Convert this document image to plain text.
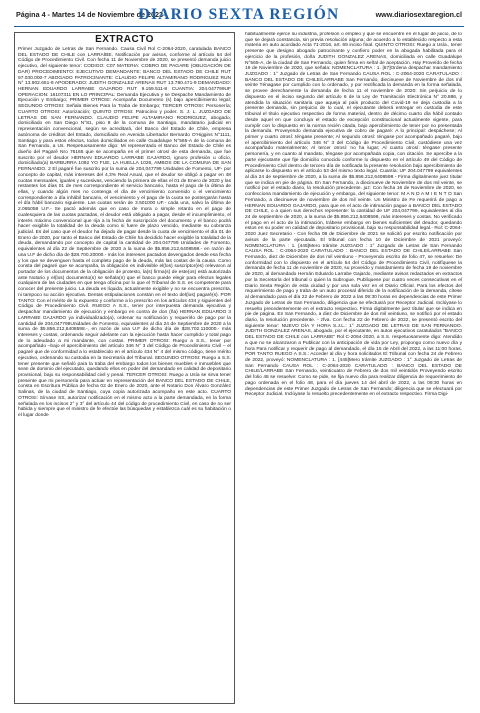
Página 4 - Martes 14 de Noviembre de 2023
DIARIO SEXTA REGIÓN	www.diariosextaregion.cl
EXTRACTO

Primer Juzgado de Letras de San Fernando. Causa Civil Rol C-2064-2020, caratulada BANCO DEL ESTADO DE CHILE con LARRAÍBE. Notificación por avisos, conforme al artículo 54 del Código de Procedimiento Civil. Con fecha 11 de Noviembre de 2020, se presentó demanda juicio ejecutivo, del siguiente tenor: CODIGO: C07 MATERIA: COBRO DE PAGARE (OBLIGACIÓN DE DAR) PROCEDIMIENTO: EJECUTIVO DEMANDANTE: BANCO DEL ESTADO DE CHILE RUT 97.030.000-7 ABOGADO PATROCINANTE: CLAUDIO FELIPE ALTAMIRANO RODRIGUEZ RUN N° 13.902.651-9 APODERADO: JUDITH GONZALEZ ARENAS RUT 13.780.471-9 DEMANDADO: HERNAN EDUARDO LARRABE GAJARDO RUT 9.159.511-8 CUANTIA: 204.047799UF OPERACION: 16107311 EN LO PRINCIPAL: Demanda Ejecutiva y se Despache Mandamiento de Ejecución y Embargo; PRIMER OTROSI: Acompaña Documento (s) bajo apercibimiento legal; SEGUNDO OTROSI: Señala Bienes Para la Traba de Embargo; TERCER OTROSI: Personería; CUARTO OTROSI: Autorización; QUINTO OTROSI: Patrocinio y poder. S. J. L. JUZGADO DE LETRAS DE SAN FERNANDO. CLAUDIO FELIPE ALTAMIRANO RODRIGUEZ, abogado, domiciliado en San Diego N°81, piso 8 de la comuna de Santiago, mandatario judicial en representación convencional, según se acreditará, del Banco del Estado de Chile, empresa autónoma de créditos del Estado, domiciliado en Avenida Libertador Bernardo O'Higgins N°1111, Santiago y para estos efectos, todos domiciliados en calle Guadalupe N°565-A de la comuna de San Fernando, a Us. Respetuosamente digo: Mi representado el Banco del Estado de Chile es dueño del Pagaré Nro 76165 que se acompaña en el primer otrosí de esta demanda, que fue suscrito por el deudor HERNAN EDUARDO LARRABE GAJARDO, ignoro profesión u oficio, domiciliado(a) BARBURRA 1092 YO FUE, LA HUELLA 1026, AMBOS DE LA COMUNA DE SAN FERNANDO. 2 El pagaré fue suscrito por la suma de 204,047799 Unidades de Fomento, UF- por concepto de capital, más intereses del 4,3% Real Anual, que el deudor se obligó a pagar en 48 cuotas mensuales, iguales y sucesivas, venciendo la primera de ellas el 01 de Enero de 2020 y las restantes los días 01 de mes correspondiente el servicio bancario, hasta el pago de la última de ellas, y cuando algún mes no contenga el día de vencimiento convenido o el vencimiento correspondiente a día inhábil bancario, el vencimiento y el pago de la cuota se postergarán hasta el día hábil bancario siguiente. Las cuotas serán de 3.501000 UF.- cada una, salvo la última de 2.065058 U.F.- Se pactó además que en caso de mora o simple retardo en el pago de cualesquiera de las cuotas pactadas, el deudor está obligado a pagar, desde el incumplimiento, el interés máximo convencional que rija a la fecha de suscripción del documento y el banco podrá hacer exigible la totalidad de la deuda como si fuere de plazo vencido, mediante su cobranza judicial. Es del caso que el deudor ha dejado de pagar desde la cuota de vencimiento el día 01 de Enero de 2020, por tanto el Banco del Estado de Chile ha decidido hacer exigible la totalidad de la deuda, demandando por concepto de capital la cantidad de 204.047799 Unidades de Fomento, equivalentes al día 22 de Septiembre de 2020 a la suma de $5.856.212,6408598.- en razón de una U.F de dicho día de $28.700.20000.- más los intereses pactados devengados desde esa fecha y los que se devenguen hasta el completo pago de la deuda, más las costas de la causa. Como consta del pagaré que se acompaña, la obligación es indivisible el(los) suscriptor(es) relevaron al portador de los documentos de la obligación de protesto, la(s) firma(s) de este(os) está autorizada ante Notario y el(los) documento(s) se señala(n) que el banco puede elegir para efectos legales cualquiera de las ciudades en que tenga oficina por lo que el Tribunal de S.S. es competente para conocer del presente juicio. La deuda es líquida, actualmente exigible y no se encuentra prescrita, ni tampoco su acción ejecutiva. Dentas estipulaciones constan en el texto del(los) pagaré(s). POR TANTO: Con el mérito de lo expuesto y conforme a lo prescrito en los artículos 434 y siguientes del Código de Procedimiento Civil. RUEGO A S.S., tener por interpuesta demanda ejecutiva y despachar mandamiento de ejecución y embargo en contra de don (ña) HERNAN EDUARDO 3 LARRABE GAJARDO ya individualizado(a), ordenar su notificación y requerirlo de pago por la cantidad de 204,047799Unidades de Fomento, equivalentes al día 24 de Septiembre de 2020 a la suma de $5.856.212,6408598.-, en razón de una U.F de dicho día de $28.702.110000.- más intereses y costas, ordenando seguir adelante con la ejecución hasta hacer cumplido y total pago de lo adeudado a mi mandante, con costas. PRIMER OTROSI: Ruego a S.S., tener por acompañado –bajo el apercibimiento del artículo 346 N° 3 del Código de Procedimiento Civil – el pagaré que de conformidad a lo establecido en el artículo 434 N° 4 del mismo código, tiene mérito ejecutivo, ordenando su custodia en la Secretaría del Tribunal. SEGUNDO OTROSI: Ruego a S.S. tener presente que señaló para la traba del embargo todos los bienes muebles e inmuebles que sean de dominio del ejecutado, quedando ellos en poder del demandado en calidad de depositario provisional, bajo su responsabilidad civil y penal. TERCER OTROSI: Ruego a Usía se sirva tener presente que mi personería para actuar en representación del BANCO DEL ESTADO DE CHILE, consta en Escritura Pública de fecha 02 de Enero de 2020, ante el Notario Don Álvaro González Salinas, de la ciudad de Santiago, cuya copia autorizada acompaño en este acto. CUARTO OTROSI: Sírvase SS, autorizar notificación en el mismo acto a la parte demandada, en la forma señalada en los incisos 2° y 3° del artículo 44 del código de procedimiento Civil, en caso de no ser habida y siempre que el ministro de fe efectúe las búsquedas y establezca cuál es su habitación o el lugar donde

habitualmente ejerce su industria, profesión o empleo y que se encuentre en el lugar de juicio, de lo que se dejará constancia, sin previa resolución alguna; de acuerdo a lo establecido respecto a esta materia en auto acordado Acta 71-2016, art. 69 inciso final. QUINTO OTROSI: Ruego a Usía., tener presente que designo abogado patrocinante y confiero poder en la abogada habilitada para el ejercicio de la profesión, doña JUDITH GONZALEZ ARENAS, domiciliada en calle Guadalupe N°565-A, de la ciudad de San Fernando, quien firma en señal de aceptación. Hay Proveído de fecha 19 de Noviembre de 2020, que señala: NOMENCLATURA : 1. [67]Ordena despachar mandamiento JUZGADO : 1° Juzgado de Letras de San Fernando CAUSA ROL : C-2064-2020 CARATULADO : BANCO DEL ESTADO DE CHILE/LARRABE San Fernando, diecinueve de Noviembre de dos mil veinte Ténagase por cumplido con lo ordenado, y por rectificada la demanda en la forma señalada, se provee derechamente la demanda de fecha 11 el noviembre de 2020: Sin perjuicio de lo dispuesto en el inciso segundo del artículo 6 de la Ley de Tramitación Electrónica N° 20.886, y atendida la situación sanitaria que aqueja al país producto del Covid-19 se deja custodia a la presente demanda, sin perjuicio de lo cual, el ejecutante deberá entregar en custodia de este tribunal el título ejecutivo respectivo de forma material, dentro de décimo cuarto día hábil contado desde aquel en que concluya el estado de excepción constitucional actualmente vigente, para cumplir con lo dispuesto en la norma recién citada, bajo apercibimiento de tener por no presentada la demanda. Proveyendo demanda ejecutiva de cobro de pagaré: A lo principal: despáchese; Al primer y cuarto otrosí: téngase presente; Al segundo otrosí: téngase por acompañado pagaré, bajo el apercibimiento del artículo 346 N° 3 del Código de Procedimiento Civil, custódiese una vez acompañado materialmente; Al tercer otrosí: no ha lugar; Al cuarto otrosí: téngase presente personería, y en cuanto al mandato, téngase por acompañada copia, con citación. Se apercibe a la parte ejecutante que fije domicilio conocido conforme lo dispuesto en el artículo 49 del Código de Procedimiento Civil dentro de tercero día de notificada la presente resolución bajo apercibimiento de aplicarse lo dispuesto en el artículo 53 del mismo texto legal. Cuantía: UF 204.047799 equivalentes al día 24 de septiembre de 2020, a la suma de $5.856.212,6408598 - Firma digitalmente juez titular que se indica en pie de página. En San Fernando, a diecinueve de Noviembre de dos mil veinte, se notificó por el estado diario, la resolución precedente. juz: Con fecha 16 de Noviembre de 2020, se confecciona mandamiento de ejecución y embargo, del siguiente tenor: M A N D A M I E N T O San Fernando, a diecinueve de noviembre de dos mil veinte. Un Ministro de Fe requerirá de pago a HERNAN EDUARDO GAJARDO, para que en el acto de intimación pague a BANCO DEL ESTADO DE CHILE, o a quien sus derechos represente: la cantidad de UF 204,047799, equivalentes al día 24 de septiembre de 2020, a la suma de $5.856.212,6408598, más intereses y costas. No verificado el pago en el acto de la intimación, trábese embargo en bienes suficientes del deudor, quedando estos en su poder en calidad de depositario provisional, bajo su responsabilidad legal.- Rol: C-2064-2020 Juez Secretario - Con fecha 08 de Diciembre de 2021 se solicitó por escrito notificación por avisos de la parte ejecutada. El tribunal con fecha 10 de Diciembre de 2021 proveyó: NOMENCLATURA : 1. [445]Mero trámite JUZGADO : 1° Juzgado de Letras de San Fernando CAUSA ROL : C-2064-2020 CARATULADO : BANCO DEL ESTADO DE CHILE/LARRABE San Fernando, diez de Diciembre de dos mil veintiuno - Proveyendo escrito de folio 47, se resuelve: De conformidad con lo dispuesto en el artículo 54 del Código de Procedimiento Civil, notifíquese la demanda de fecha 11 de noviembre de 2020, su proveído y mandamiento de fecha 19 de noviembre de 2020, al demandado Hernán Eduardo Larrabe Gajardo, mediante avisos redactados en extractos por la Secretaría del tribunal o quien la Subrogue. Publíquese por cuatro veces consecutivas en el Diario Sexta Región de esta ciudad y por una sola vez en el Diario Oficial. Para los efectos del requerimiento de pago y traba de un auto procesal diferido de la notificación de la demanda, cítese al demandado para el día 22 de Febrero de 2022 a las 09:30 horas en dependencias de este Primer Juzgado de Letras de San Fernando, diligencia que se efectuará por Receptor Judicial. Inclúyase lo resuelto precedentemente en el extracto respectivo. Firma digitalmente juez titular que se indica en pie de página. En San Fernando, a diez de Diciembre de dos mil veintiuno, se notificó por el estado diario, la resolución precedente. - zfva. Con fecha 22 de Febrero de 2022, se presentó escrito del siguiente tenor: NUEVO DÍA Y HORA S.J.L.: 1° JUZGADO DE LETRAS DE SAN FERNANDO. JUDITH GONZALEZ ARENAS, abogado, por el ejecutante, en autos ejecutivos caratulados "BANCO DEL ESTADO DE CHILE con LARRABE" Rol C-2064-2020, a S.S. respetuosamente digo: Atendido a que no se alcanzaron a Publicar con la anticipación de vida por Ley, propongo como nuevo día y hora Para notificar y requerir de pago al demandado, el día 15 de Abril del 2022, a las 11:00 horas. POR TANTO RUEGO A S.S.: Acceder al día y hora solicitados El Tribunal con fecha 24 de Febrero de 2022, proveyó: NOMENCLATURA : 1. [445]Mero trámite JUZGADO : 1° Juzgado de Letras de San Fernando CAUSA ROL : C-2064-2020 CARATULADO : BANCO DEL ESTADO DE CHILE/LARRABE San Fernando, veinticuatro de Febrero de dos mil veintidós Proveyendo escrito del folio 48 se resuelve: Como se pide, se fija nuevo día para realizar diligencia de requerimiento de pago ordenada en el folio 48, para el día jueves 14 del abril de 2022, a las 09:30 horas en dependencias de este Primer Juzgado de Letras de San Fernando; diligencia que se efectuará por Receptor Judicial. Inclúyase lo resuelto precedentemente en el extracto respectivo. Firma Digi-
